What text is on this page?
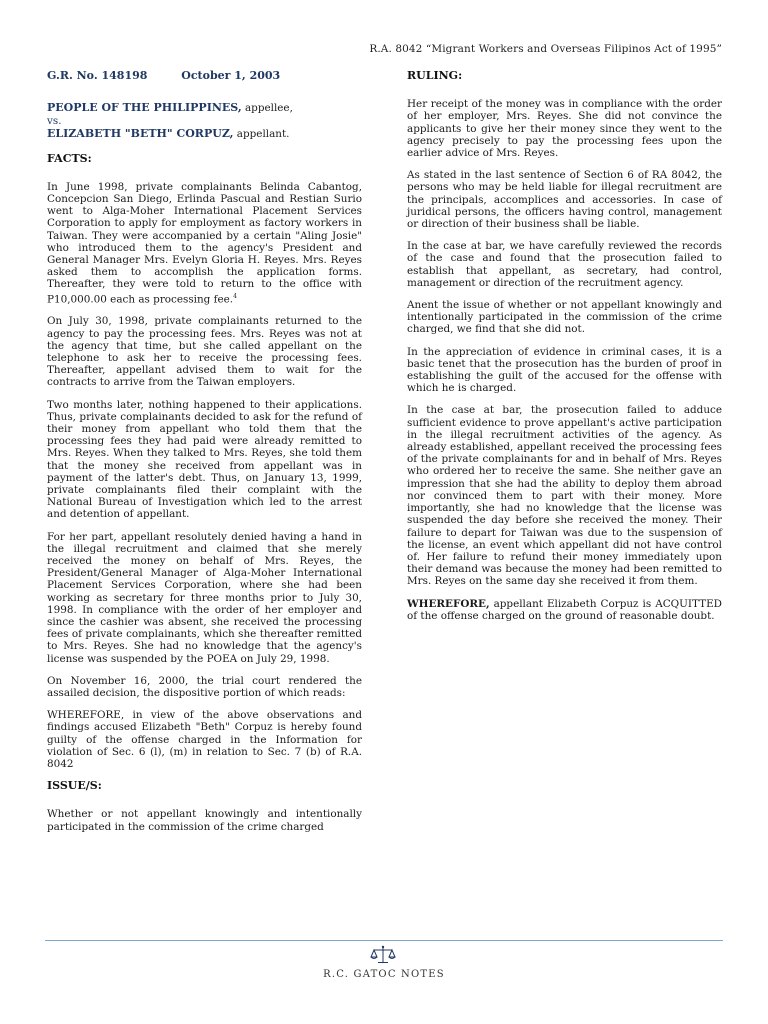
R.A. 8042 “Migrant Workers and Overseas Filipinos Act of 1995”
G.R. No. 148198	October 1, 2003
PEOPLE OF THE PHILIPPINES, appellee,
vs.
ELIZABETH "BETH" CORPUZ, appellant.
FACTS:

In June 1998, private complainants Belinda Cabantog, Concepcion San Diego, Erlinda Pascual and Restian Surio went to Alga-Moher International Placement Services Corporation to apply for employment as factory workers in Taiwan. They were accompanied by a certain "Aling Josie" who introduced them to the agency's President and General Manager Mrs. Evelyn Gloria H. Reyes. Mrs. Reyes asked them to accomplish the application forms. Thereafter, they were told to return to the office with P10,000.00 each as processing fee.$^4$

On July 30, 1998, private complainants returned to the agency to pay the processing fees. Mrs. Reyes was not at the agency that time, but she called appellant on the telephone to ask her to receive the processing fees. Thereafter, appellant advised them to wait for the contracts to arrive from the Taiwan employers.

Two months later, nothing happened to their applications. Thus, private complainants decided to ask for the refund of their money from appellant who told them that the processing fees they had paid were already remitted to Mrs. Reyes. When they talked to Mrs. Reyes, she told them that the money she received from appellant was in payment of the latter's debt. Thus, on January 13, 1999, private complainants filed their complaint with the National Bureau of Investigation which led to the arrest and detention of appellant.

For her part, appellant resolutely denied having a hand in the illegal recruitment and claimed that she merely received the money on behalf of Mrs. Reyes, the President/General Manager of Alga-Moher International Placement Services Corporation, where she had been working as secretary for three months prior to July 30, 1998. In compliance with the order of her employer and since the cashier was absent, she received the processing fees of private complainants, which she thereafter remitted to Mrs. Reyes. She had no knowledge that the agency's license was suspended by the POEA on July 29, 1998.

On November 16, 2000, the trial court rendered the assailed decision, the dispositive portion of which reads:

WHEREFORE, in view of the above observations and findings accused Elizabeth "Beth" Corpuz is hereby found guilty of the offense charged in the Information for violation of Sec. 6 (l), (m) in relation to Sec. 7 (b) of R.A. 8042

ISSUE/S:

Whether or not appellant knowingly and intentionally participated in the commission of the crime charged

RULING:

Her receipt of the money was in compliance with the order of her employer, Mrs. Reyes. She did not convince the applicants to give her their money since they went to the agency precisely to pay the processing fees upon the earlier advice of Mrs. Reyes.

As stated in the last sentence of Section 6 of RA 8042, the persons who may be held liable for illegal recruitment are the principals, accomplices and accessories. In case of juridical persons, the officers having control, management or direction of their business shall be liable.

In the case at bar, we have carefully reviewed the records of the case and found that the prosecution failed to establish that appellant, as secretary, had control, management or direction of the recruitment agency.

Anent the issue of whether or not appellant knowingly and intentionally participated in the commission of the crime charged, we find that she did not.

In the appreciation of evidence in criminal cases, it is a basic tenet that the prosecution has the burden of proof in establishing the guilt of the accused for the offense with which he is charged.

In the case at bar, the prosecution failed to adduce sufficient evidence to prove appellant's active participation in the illegal recruitment activities of the agency. As already established, appellant received the processing fees of the private complainants for and in behalf of Mrs. Reyes who ordered her to receive the same. She neither gave an impression that she had the ability to deploy them abroad nor convinced them to part with their money. More importantly, she had no knowledge that the license was suspended the day before she received the money. Their failure to depart for Taiwan was due to the suspension of the license, an event which appellant did not have control of. Her failure to refund their money immediately upon their demand was because the money had been remitted to Mrs. Reyes on the same day she received it from them.

WHEREFORE, appellant Elizabeth Corpuz is ACQUITTED of the offense charged on the ground of reasonable doubt.

R.C. GATOC NOTES
